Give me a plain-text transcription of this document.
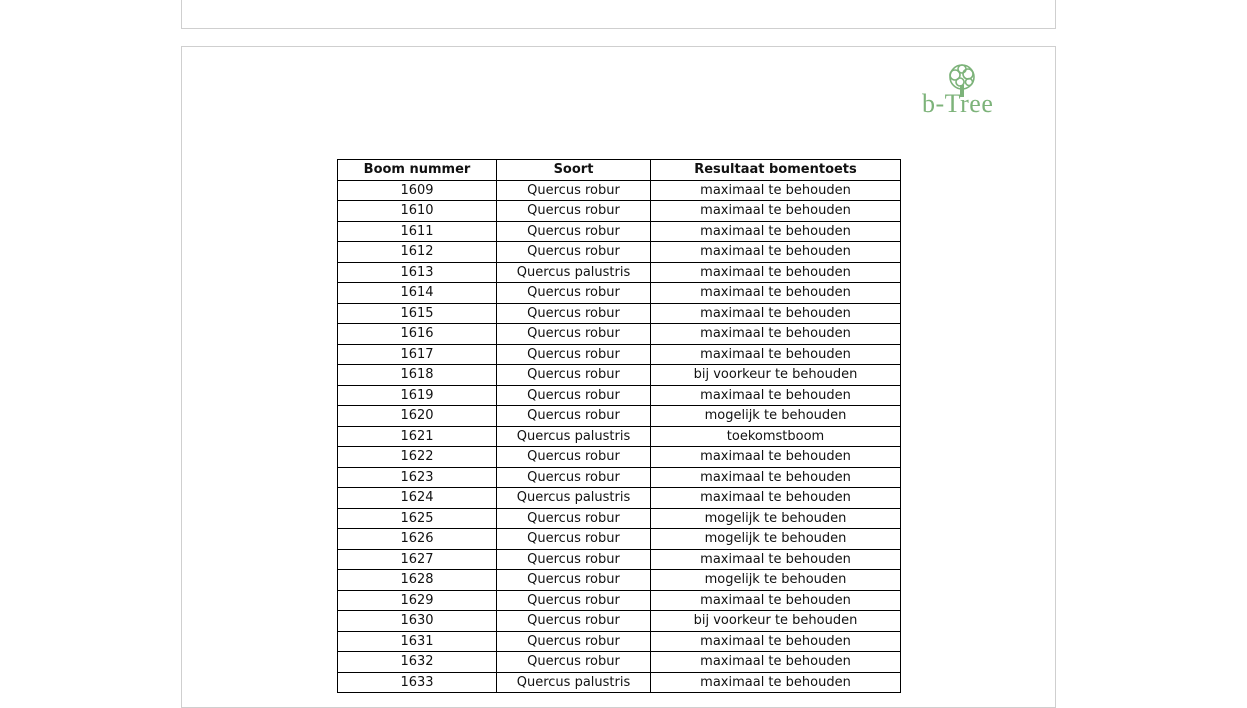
b-Tree
Boom nummer	Soort	Resultaat bomentoets
1609	Quercus robur	maximaal te behouden
1610	Quercus robur	maximaal te behouden
1611	Quercus robur	maximaal te behouden
1612	Quercus robur	maximaal te behouden
1613	Quercus palustris	maximaal te behouden
1614	Quercus robur	maximaal te behouden
1615	Quercus robur	maximaal te behouden
1616	Quercus robur	maximaal te behouden
1617	Quercus robur	maximaal te behouden
1618	Quercus robur	bij voorkeur te behouden
1619	Quercus robur	maximaal te behouden
1620	Quercus robur	mogelijk te behouden
1621	Quercus palustris	toekomstboom
1622	Quercus robur	maximaal te behouden
1623	Quercus robur	maximaal te behouden
1624	Quercus palustris	maximaal te behouden
1625	Quercus robur	mogelijk te behouden
1626	Quercus robur	mogelijk te behouden
1627	Quercus robur	maximaal te behouden
1628	Quercus robur	mogelijk te behouden
1629	Quercus robur	maximaal te behouden
1630	Quercus robur	bij voorkeur te behouden
1631	Quercus robur	maximaal te behouden
1632	Quercus robur	maximaal te behouden
1633	Quercus palustris	maximaal te behouden
